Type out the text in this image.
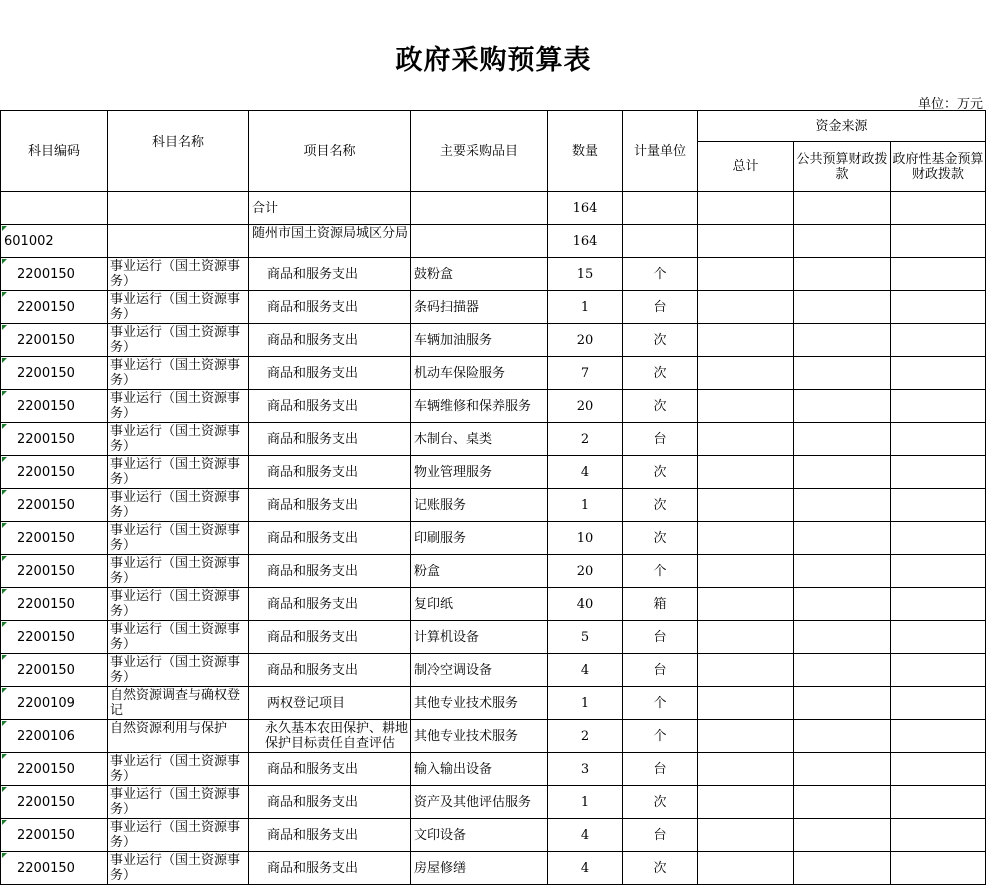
政府采购预算表
单位：万元
科目编码	科目名称	项目名称	主要采购品目	数量	计量单位	资金来源		
						总计	公共预算财政拨款	政府性基金预算财政拨款
		合计		164				
601002		随州市国土资源局城区分局		164				
2200150	事业运行（国土资源事务）	商品和服务支出	鼓粉盒	15	个			
2200150	事业运行（国土资源事务）	商品和服务支出	条码扫描器	1	台			
2200150	事业运行（国土资源事务）	商品和服务支出	车辆加油服务	20	次			
2200150	事业运行（国土资源事务）	商品和服务支出	机动车保险服务	7	次			
2200150	事业运行（国土资源事务）	商品和服务支出	车辆维修和保养服务	20	次			
2200150	事业运行（国土资源事务）	商品和服务支出	木制台、桌类	2	台			
2200150	事业运行（国土资源事务）	商品和服务支出	物业管理服务	4	次			
2200150	事业运行（国土资源事务）	商品和服务支出	记账服务	1	次			
2200150	事业运行（国土资源事务）	商品和服务支出	印刷服务	10	次			
2200150	事业运行（国土资源事务）	商品和服务支出	粉盒	20	个			
2200150	事业运行（国土资源事务）	商品和服务支出	复印纸	40	箱			
2200150	事业运行（国土资源事务）	商品和服务支出	计算机设备	5	台			
2200150	事业运行（国土资源事务）	商品和服务支出	制冷空调设备	4	台			
2200109	自然资源调查与确权登记	两权登记项目	其他专业技术服务	1	个			
2200106	自然资源利用与保护	永久基本农田保护、耕地保护目标责任自查评估	其他专业技术服务	2	个			
2200150	事业运行（国土资源事务）	商品和服务支出	输入输出设备	3	台			
2200150	事业运行（国土资源事务）	商品和服务支出	资产及其他评估服务	1	次			
2200150	事业运行（国土资源事务）	商品和服务支出	文印设备	4	台			
2200150	事业运行（国土资源事务）	商品和服务支出	房屋修缮	4	次			
